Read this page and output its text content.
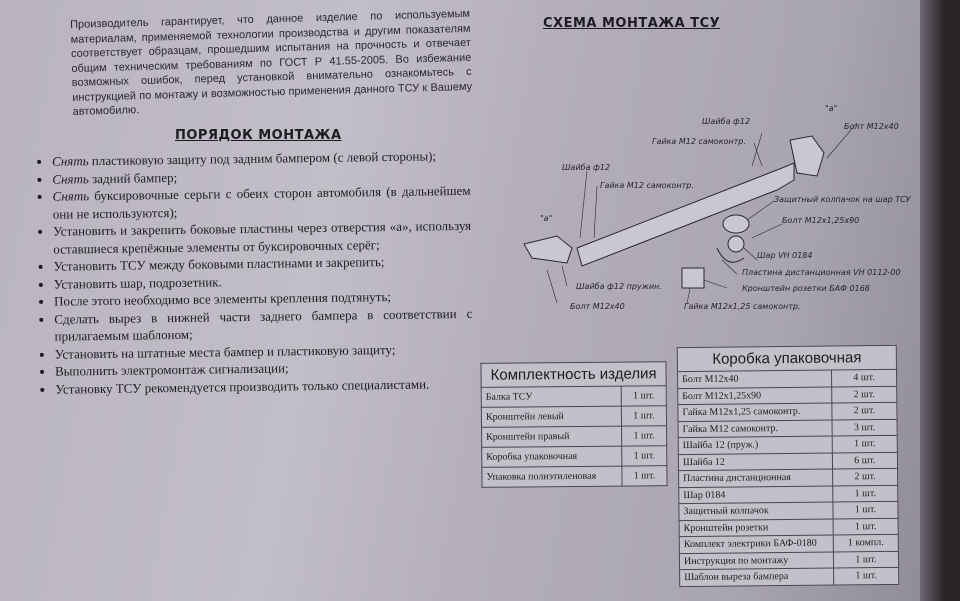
Производитель гарантирует, что данное изделие по используемым материалам, применяемой технологии производства и другим показателям соответствует образцам, прошедшим испытания на прочность и отвечает общим техническим требованиям по ГОСТ Р 41.55-2005. Во избежание возможных ошибок, перед установкой внимательно ознакомьтесь с инструкцией по монтажу и возможностью применения данного ТСУ к Вашему автомобилю.

ПОРЯДОК МОНТАЖА
• Снять пластиковую защиту под задним бампером (с левой стороны);
• Снять задний бампер;
• Снять буксировочные серьги с обеих сторон автомобиля (в дальнейшем они не используются);
• Установить и закрепить боковые пластины через отверстия «а», используя оставшиеся крепёжные элементы от буксировочных серёг;
• Установить ТСУ между боковыми пластинами и закрепить;
• Установить шар, подрозетник.
• После этого необходимо все элементы крепления подтянуть;
• Сделать вырез в нижней части заднего бампера в соответствии с прилагаемым шаблоном;
• Установить на штатные места бампер и пластиковую защиту;
• Выполнить электромонтаж сигнализации;
• Установку ТСУ рекомендуется производить только специалистами.
СХЕМА МОНТАЖА ТСУ
"а"
"а"
Шайба ф12
Гайка М12 самоконтр.
Болт М12х40
Шайба ф12
Гайка М12 самоконтр.
Защитный колпачок на шар ТСУ
Болт М12х1,25х90
Шар VH 0184
Пластина дистанционная VH 0112-00
Кронштейн розетки БАФ 0168
Шайба ф12 пружин.
Болт М12х40	Гайка М12х1,25 самоконтр.
Комплектность изделия	
Балка ТСУ	1 шт.
Кронштейн левый	1 шт.
Кронштейн правый	1 шт.
Коробка упаковочная	1 шт.
Упаковка полиэтиленовая	1 шт.
Коробка упаковочная	
Болт М12х40	4 шт.
Болт М12х1,25х90	2 шт.
Гайка М12х1,25 самоконтр.	2 шт.
Гайка М12 самоконтр.	3 шт.
Шайба 12 (пруж.)	1 шт.
Шайба 12	6 шт.
Пластина дистанционная	2 шт.
Шар 0184	1 шт.
Защитный колпачок	1 шт.
Кронштейн розетки	1 шт.
Комплект электрики БАФ-0180	1 компл.
Инструкция по монтажу	1 шт.
Шаблон выреза бампера	1 шт.
